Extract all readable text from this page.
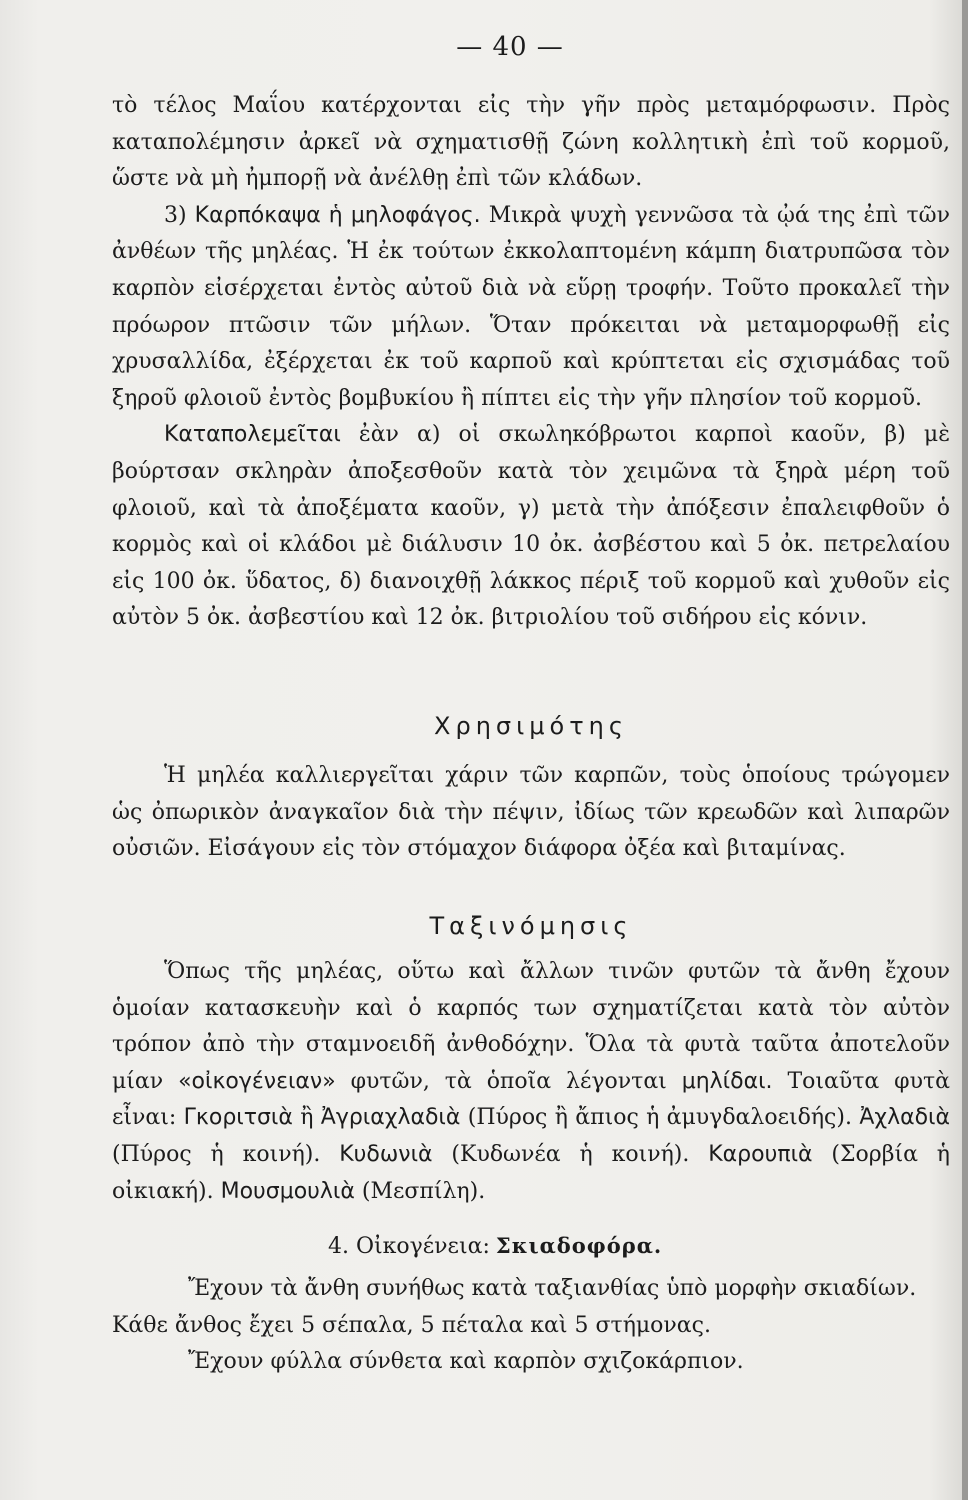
— 40 —

τὸ τέλος Μαΐου κατέρχονται εἰς τὴν γῆν πρὸς μεταμόρφωσιν. Πρὸς καταπολέμησιν ἀρκεῖ νὰ σχηματισθῇ ζώνη κολλητικὴ ἐπὶ τοῦ κορμοῦ, ὥστε νὰ μὴ ἠμπορῇ νὰ ἀνέλθῃ ἐπὶ τῶν κλάδων.

3) Καρπόκαψα ἡ μηλοφάγος. Μικρὰ ψυχὴ γεννῶσα τὰ ᾠά της ἐπὶ τῶν ἀνθέων τῆς μηλέας. Ἡ ἐκ τούτων ἐκκολαπτομένη κάμπη διατρυπῶσα τὸν καρπὸν εἰσέρχεται ἐντὸς αὐτοῦ διὰ νὰ εὕρῃ τροφήν. Τοῦτο προκαλεῖ τὴν πρόωρον πτῶσιν τῶν μήλων. Ὅταν πρόκειται νὰ μεταμορφωθῇ εἰς χρυσαλλίδα, ἐξέρχεται ἐκ τοῦ καρποῦ καὶ κρύπτεται εἰς σχισμάδας τοῦ ξηροῦ φλοιοῦ ἐντὸς βομβυκίου ἢ πίπτει εἰς τὴν γῆν πλησίον τοῦ κορμοῦ.

Καταπολεμεῖται ἐὰν α) οἱ σκωληκόβρωτοι καρποὶ καοῦν, β) μὲ βούρτσαν σκληρὰν ἀποξεσθοῦν κατὰ τὸν χειμῶνα τὰ ξηρὰ μέρη τοῦ φλοιοῦ, καὶ τὰ ἀποξέματα καοῦν, γ) μετὰ τὴν ἀπόξεσιν ἐπαλειφθοῦν ὁ κορμὸς καὶ οἱ κλάδοι μὲ διάλυσιν 10 ὀκ. ἀσβέστου καὶ 5 ὀκ. πετρελαίου εἰς 100 ὀκ. ὕδατος, δ) διανοιχθῇ λάκκος πέριξ τοῦ κορμοῦ καὶ χυθοῦν εἰς αὐτὸν 5 ὀκ. ἀσβεστίου καὶ 12 ὀκ. βιτριολίου τοῦ σιδήρου εἰς κόνιν.

Χρησιμότης

Ἡ μηλέα καλλιεργεῖται χάριν τῶν καρπῶν, τοὺς ὁποίους τρώγομεν ὡς ὀπωρικὸν ἀναγκαῖον διὰ τὴν πέψιν, ἰδίως τῶν κρεωδῶν καὶ λιπαρῶν οὐσιῶν. Εἰσάγουν εἰς τὸν στόμαχον διάφορα ὀξέα καὶ βιταμίνας.

Ταξινόμησις

Ὅπως τῆς μηλέας, οὕτω καὶ ἄλλων τινῶν φυτῶν τὰ ἄνθη ἔχουν ὁμοίαν κατασκευὴν καὶ ὁ καρπός των σχηματίζεται κατὰ τὸν αὐτὸν τρόπον ἀπὸ τὴν σταμνοειδῆ ἀνθοδόχην. Ὅλα τὰ φυτὰ ταῦτα ἀποτελοῦν μίαν «οἰκογένειαν» φυτῶν, τὰ ὁποῖα λέγονται μηλίδαι. Τοιαῦτα φυτὰ εἶναι: Γκοριτσιὰ ἢ Ἀγριαχλαδιὰ (Πύρος ἢ ἄπιος ἡ ἀμυγδαλοειδής). Ἀχλαδιὰ (Πύρος ἡ κοινή). Κυδωνιὰ (Κυδωνέα ἡ κοινή). Καρουπιὰ (Σορβία ἡ οἰκιακή). Μουσμουλιὰ (Μεσπίλη).

4. Οἰκογένεια: Σκιαδοφόρα.
Ἔχουν τὰ ἄνθη συνήθως κατὰ ταξιανθίας ὑπὸ μορφὴν σκιαδίων.
Κάθε ἄνθος ἔχει 5 σέπαλα, 5 πέταλα καὶ 5 στήμονας.
Ἔχουν φύλλα σύνθετα καὶ καρπὸν σχιζοκάρπιον.
